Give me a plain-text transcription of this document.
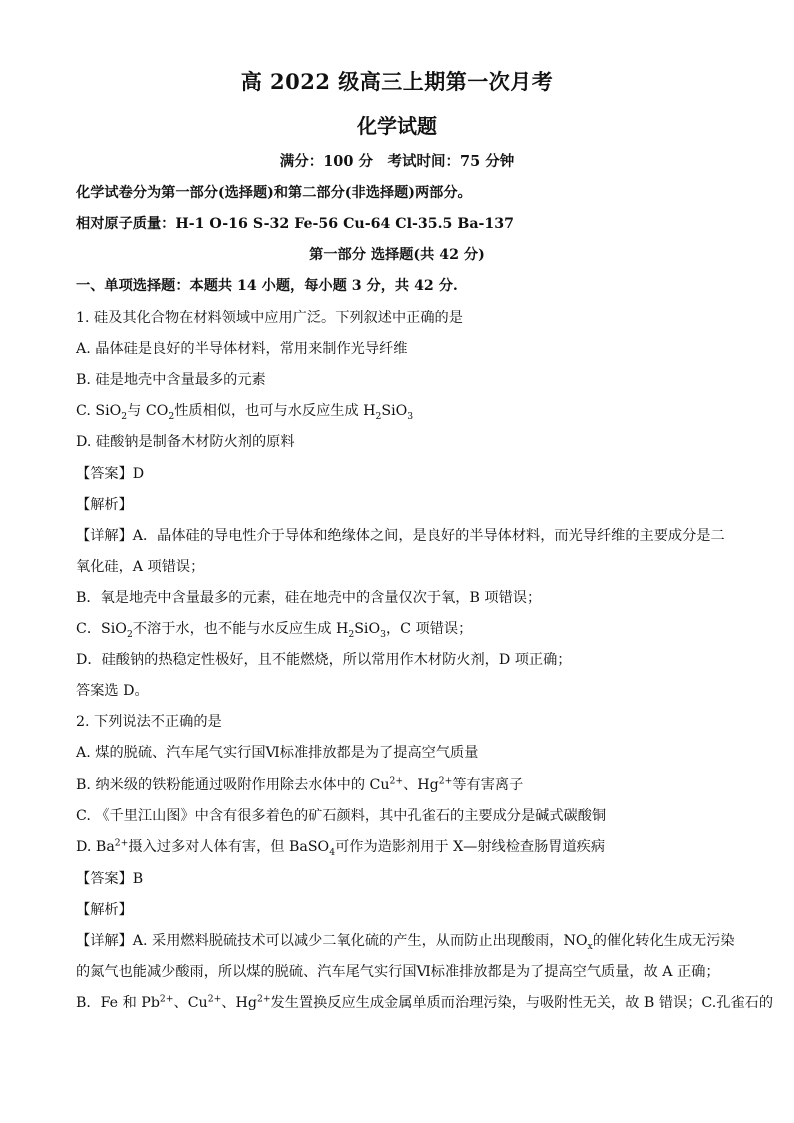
高 2022 级高三上期第一次月考
化学试题
满分：100 分　考试时间：75 分钟
化学试卷分为第一部分(选择题)和第二部分(非选择题)两部分。
相对原子质量：H-1 O-16 S-32 Fe-56 Cu-64 Cl-35.5 Ba-137
第一部分 选择题(共 42 分)
一、单项选择题：本题共 14 小题，每小题 3 分，共 42 分.
1. 硅及其化合物在材料领域中应用广泛。下列叙述中正确的是
A. 晶体硅是良好的半导体材料，常用来制作光导纤维
B. 硅是地壳中含量最多的元素
C. SiO$_2$与 $CO_2$性质相似，也可与水反应生成 $H_2SiO_3$
D. 硅酸钠是制备木材防火剂的原料
【答案】D
【解析】
【详解】A．晶体硅的导电性介于导体和绝缘体之间，是良好的半导体材料，而光导纤维的主要成分是二
氧化硅，A 项错误；
B．氧是地壳中含量最多的元素，硅在地壳中的含量仅次于氧，B 项错误；
C．SiO$_2$不溶于水，也不能与水反应生成 $H_2SiO_3$，C 项错误；
D．硅酸钠的热稳定性极好，且不能燃烧，所以常用作木材防火剂，D 项正确；
答案选 D。
2. 下列说法不正确的是
A. 煤的脱硫、汽车尾气实行国Ⅵ标准排放都是为了提高空气质量
B. 纳米级的铁粉能通过吸附作用除去水体中的 $Cu^{2+}$、$Hg^{2+}$等有害离子
C. 《千里江山图》中含有很多着色的矿石颜料，其中孔雀石的主要成分是碱式碳酸铜
D. $Ba^{2+}$摄入过多对人体有害，但 BaSO$_4$可作为造影剂用于 X—射线检查肠胃道疾病
【答案】B
【解析】
【详解】A. 采用燃料脱硫技术可以减少二氧化硫的产生，从而防止出现酸雨，$NO_x$的催化转化生成无污染
的氮气也能减少酸雨，所以煤的脱硫、汽车尾气实行国Ⅵ标准排放都是为了提高空气质量，故 A 正确；
B．Fe 和 $Pb^{2+}$、$Cu^{2+}$、$Hg^{2+}$发生置换反应生成金属单质而治理污染，与吸附性无关，故 B 错误；C.孔雀石的
